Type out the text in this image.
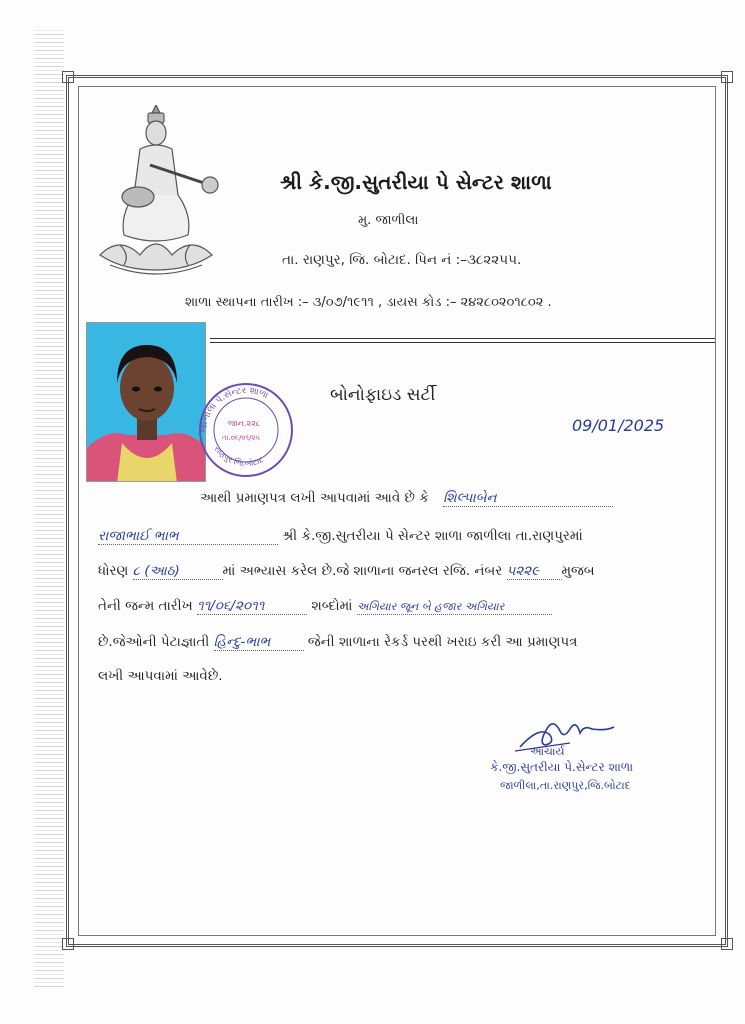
શ્રી કે.જી.સુતરીયા પે સેન્ટર શાળા
મુ. જાળીલા
તા. રાણપુર, જિ. બોટાદ. પિન નં :–૩૮૨૨૫૫.
શાળા સ્થાપના તારીખ :– ૩/૦૭/૧૯૧૧ , ડાયસ કોડ :– ૨૪૨૮૦૨૦૧૮૦૨ .
જાળીલા પે.સેન્ટર શાળા
રાણપુર જિ.બોટાદ
જાન.૨૨૮
તા.૦૯/૦૧/૨૫
બોનોફાઇડ સર્ટી
09/01/2025
આથી પ્રમાણપત્ર લખી આપવામાં આવે છે કે શિલ્પાબેન
રાજાભાઈ ભાભ	શ્રી કે.જી.સુતરીયા પે સેન્ટર શાળા જાળીલા તા.રાણપુરમાં
ધોરણ ૮ (આઠ)	માં અભ્યાસ કરેલ છે.જે શાળાના જનરલ રજિ. નંબર ૫૨૨૯ મુજબ
તેની જન્મ તારીખ ૧૧/૦૬/૨૦૧૧	શબ્દોમાં અગિયાર જૂન બે હજાર અગિયાર
છે.જેઓની પેટાજ્ઞાતી હિન્દુ-ભાભ	જેની શાળાના રેકર્ડ પરથી ખરાઇ કરી આ પ્રમાણપત્ર
લખી આપવામાં આવેછે.
આચાર્ય
કે.જી.સુતરીયા પે.સેન્ટર શાળા
જાળીલા,તા.રાણપુર,જિ.બોટાદ
